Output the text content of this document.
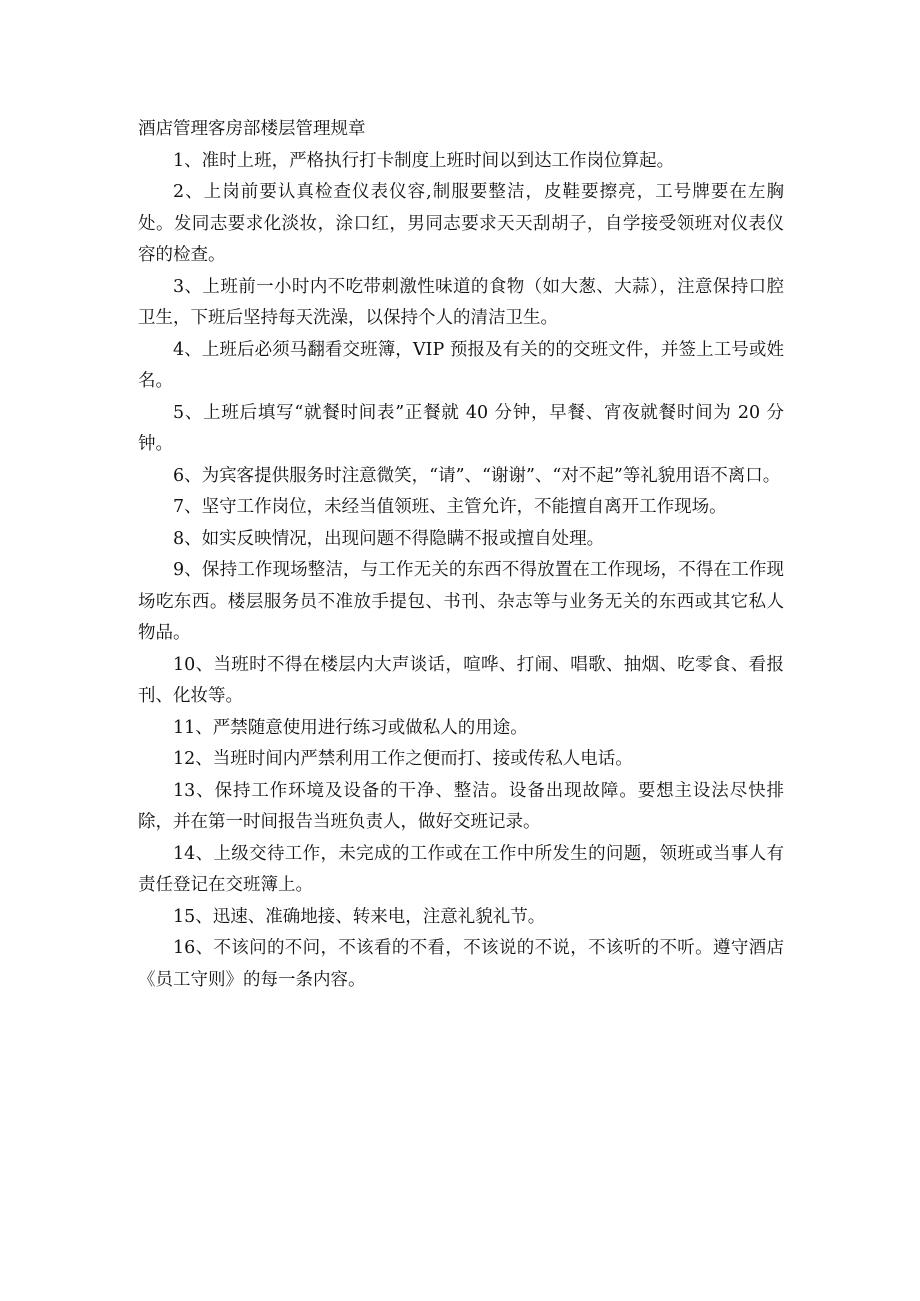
酒店管理客房部楼层管理规章

1、准时上班，严格执行打卡制度上班时间以到达工作岗位算起。

2、上岗前要认真检查仪表仪容,制服要整洁，皮鞋要擦亮，工号牌要在左胸处。发同志要求化淡妆，涂口红，男同志要求天天刮胡子，自学接受领班对仪表仪容的检查。

3、上班前一小时内不吃带刺激性味道的食物（如大葱、大蒜），注意保持口腔卫生，下班后坚持每天洗澡，以保持个人的清洁卫生。

4、上班后必须马翻看交班簿，VIP 预报及有关的的交班文件，并签上工号或姓名。

5、上班后填写“就餐时间表”正餐就 40 分钟，早餐、宵夜就餐时间为 20 分钟。

6、为宾客提供服务时注意微笑，“请”、“谢谢”、“对不起”等礼貌用语不离口。

7、坚守工作岗位，未经当值领班、主管允许，不能擅自离开工作现场。

8、如实反映情况，出现问题不得隐瞒不报或擅自处理。

9、保持工作现场整洁，与工作无关的东西不得放置在工作现场，不得在工作现场吃东西。楼层服务员不准放手提包、书刊、杂志等与业务无关的东西或其它私人物品。

10、当班时不得在楼层内大声谈话，喧哗、打闹、唱歌、抽烟、吃零食、看报刊、化妆等。

11、严禁随意使用进行练习或做私人的用途。

12、当班时间内严禁利用工作之便而打、接或传私人电话。

13、保持工作环境及设备的干净、整洁。设备出现故障。要想主设法尽快排除，并在第一时间报告当班负责人，做好交班记录。

14、上级交待工作，未完成的工作或在工作中所发生的问题，领班或当事人有责任登记在交班簿上。

15、迅速、准确地接、转来电，注意礼貌礼节。

16、不该问的不问，不该看的不看，不该说的不说，不该听的不听。遵守酒店《员工守则》的每一条内容。
